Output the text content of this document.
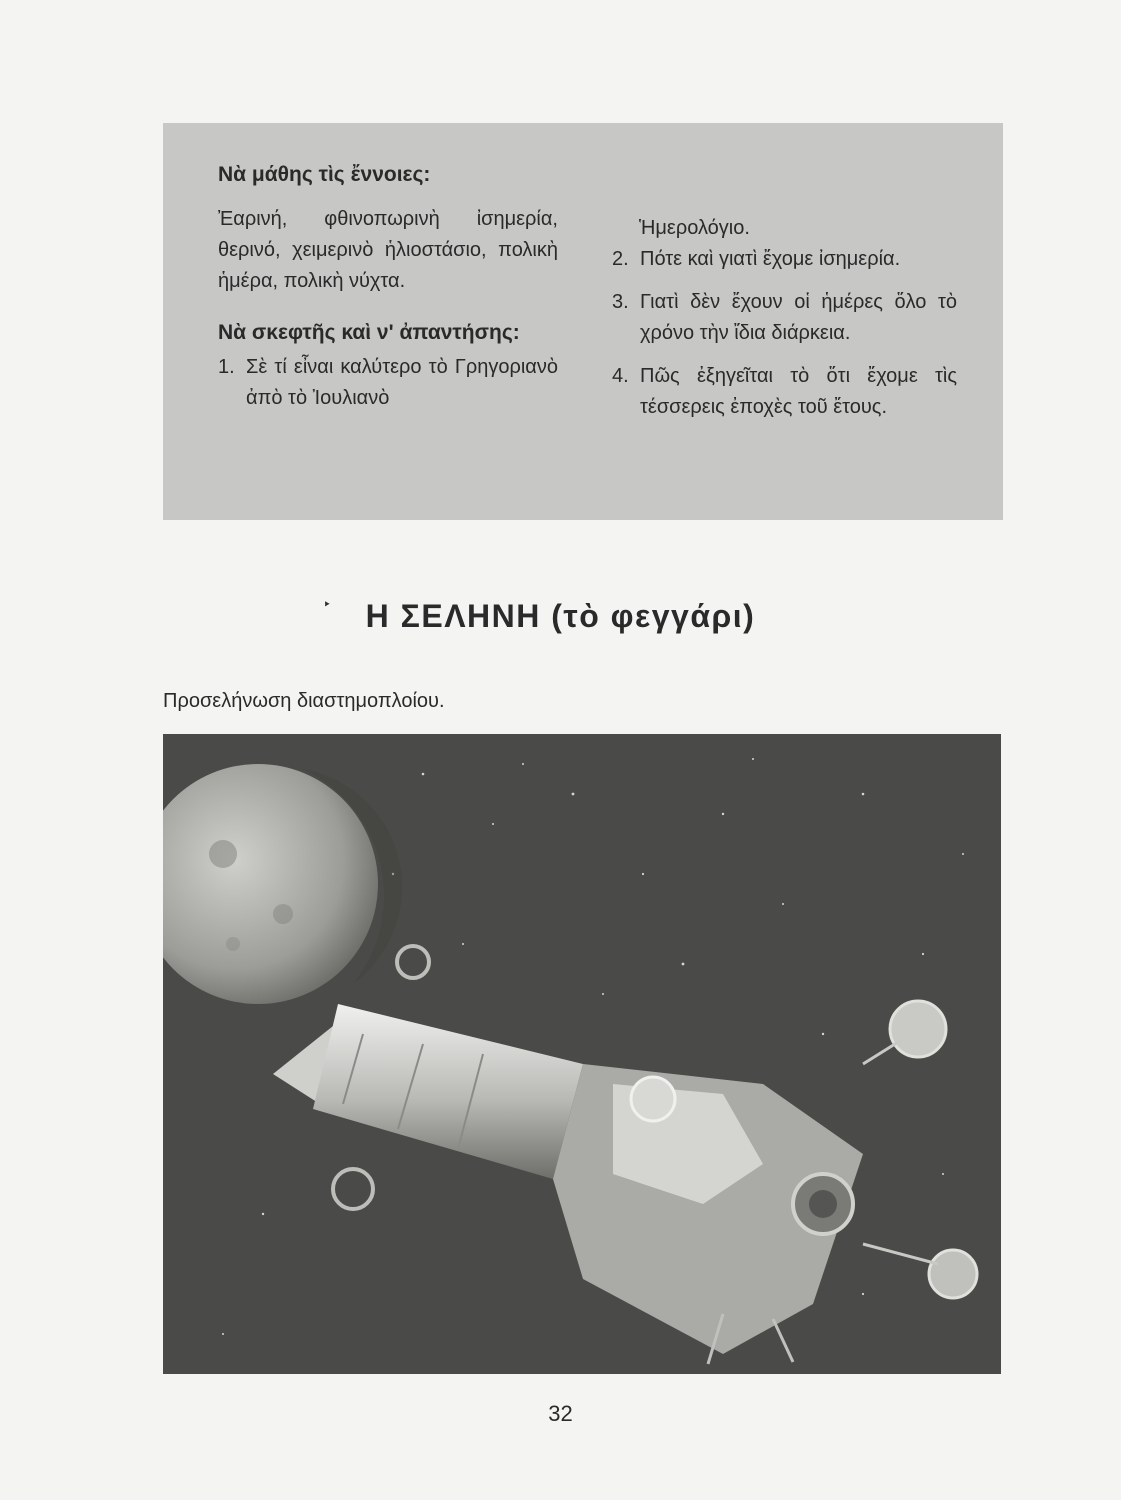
Νὰ μάθης τὶς ἔννοιες:

Ἐαρινή, φθινοπωρινὴ ἰσημερία, θερινό, χειμερινὸ ἡλιοστάσιο, πολικὴ ἡμέρα, πολικὴ νύχτα.

Νὰ σκεφτῆς καὶ ν' ἀπαντήσης:

1. Σὲ τί εἶναι καλύτερο τὸ Γρηγοριανὸ ἀπὸ τὸ Ἰουλιανὸ

Ἡμερολόγιο.

2. Πότε καὶ γιατὶ ἔχομε ἰσημερία.
3. Γιατὶ δὲν ἔχουν οἱ ἡμέρες ὅλο τὸ χρόνο τὴν ἴδια διάρκεια.
4. Πῶς ἐξηγεῖται τὸ ὅτι ἔχομε τὶς τέσσερεις ἐποχὲς τοῦ ἔτους.
‣	Η ΣΕΛΗΝΗ (τὸ φεγγάρι)

Προσελήνωση διαστημοπλοίου.

32
